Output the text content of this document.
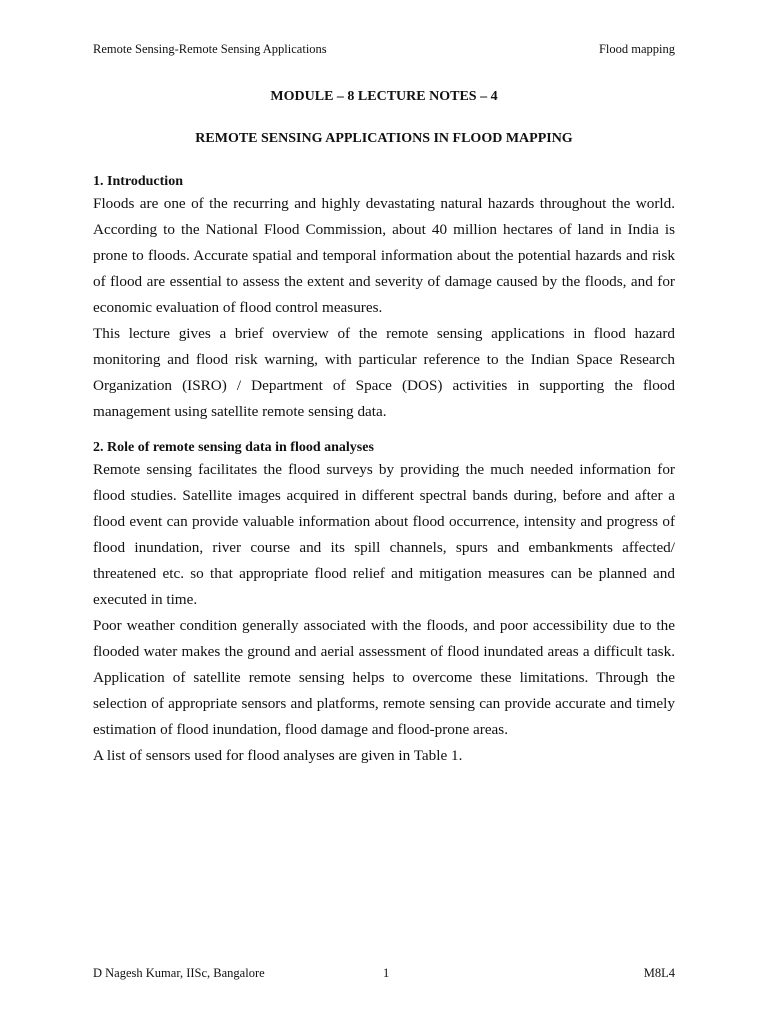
Remote Sensing-Remote Sensing Applications	Flood mapping
MODULE – 8 LECTURE NOTES – 4
REMOTE SENSING APPLICATIONS IN FLOOD MAPPING
1. Introduction

Floods are one of the recurring and highly devastating natural hazards throughout the world. According to the National Flood Commission, about 40 million hectares of land in India is prone to floods. Accurate spatial and temporal information about the potential hazards and risk of flood are essential to assess the extent and severity of damage caused by the floods, and for economic evaluation of flood control measures.

This lecture gives a brief overview of the remote sensing applications in flood hazard monitoring and flood risk warning, with particular reference to the Indian Space Research Organization (ISRO) / Department of Space (DOS) activities in supporting the flood management using satellite remote sensing data.

2. Role of remote sensing data in flood analyses

Remote sensing facilitates the flood surveys by providing the much needed information for flood studies. Satellite images acquired in different spectral bands during, before and after a flood event can provide valuable information about flood occurrence, intensity and progress of flood inundation, river course and its spill channels, spurs and embankments affected/ threatened etc. so that appropriate flood relief and mitigation measures can be planned and executed in time.

Poor weather condition generally associated with the floods, and poor accessibility due to the flooded water makes the ground and aerial assessment of flood inundated areas a difficult task. Application of satellite remote sensing helps to overcome these limitations. Through the selection of appropriate sensors and platforms, remote sensing can provide accurate and timely estimation of flood inundation, flood damage and flood-prone areas.

A list of sensors used for flood analyses are given in Table 1.

D Nagesh Kumar, IISc, Bangalore	1	M8L4
